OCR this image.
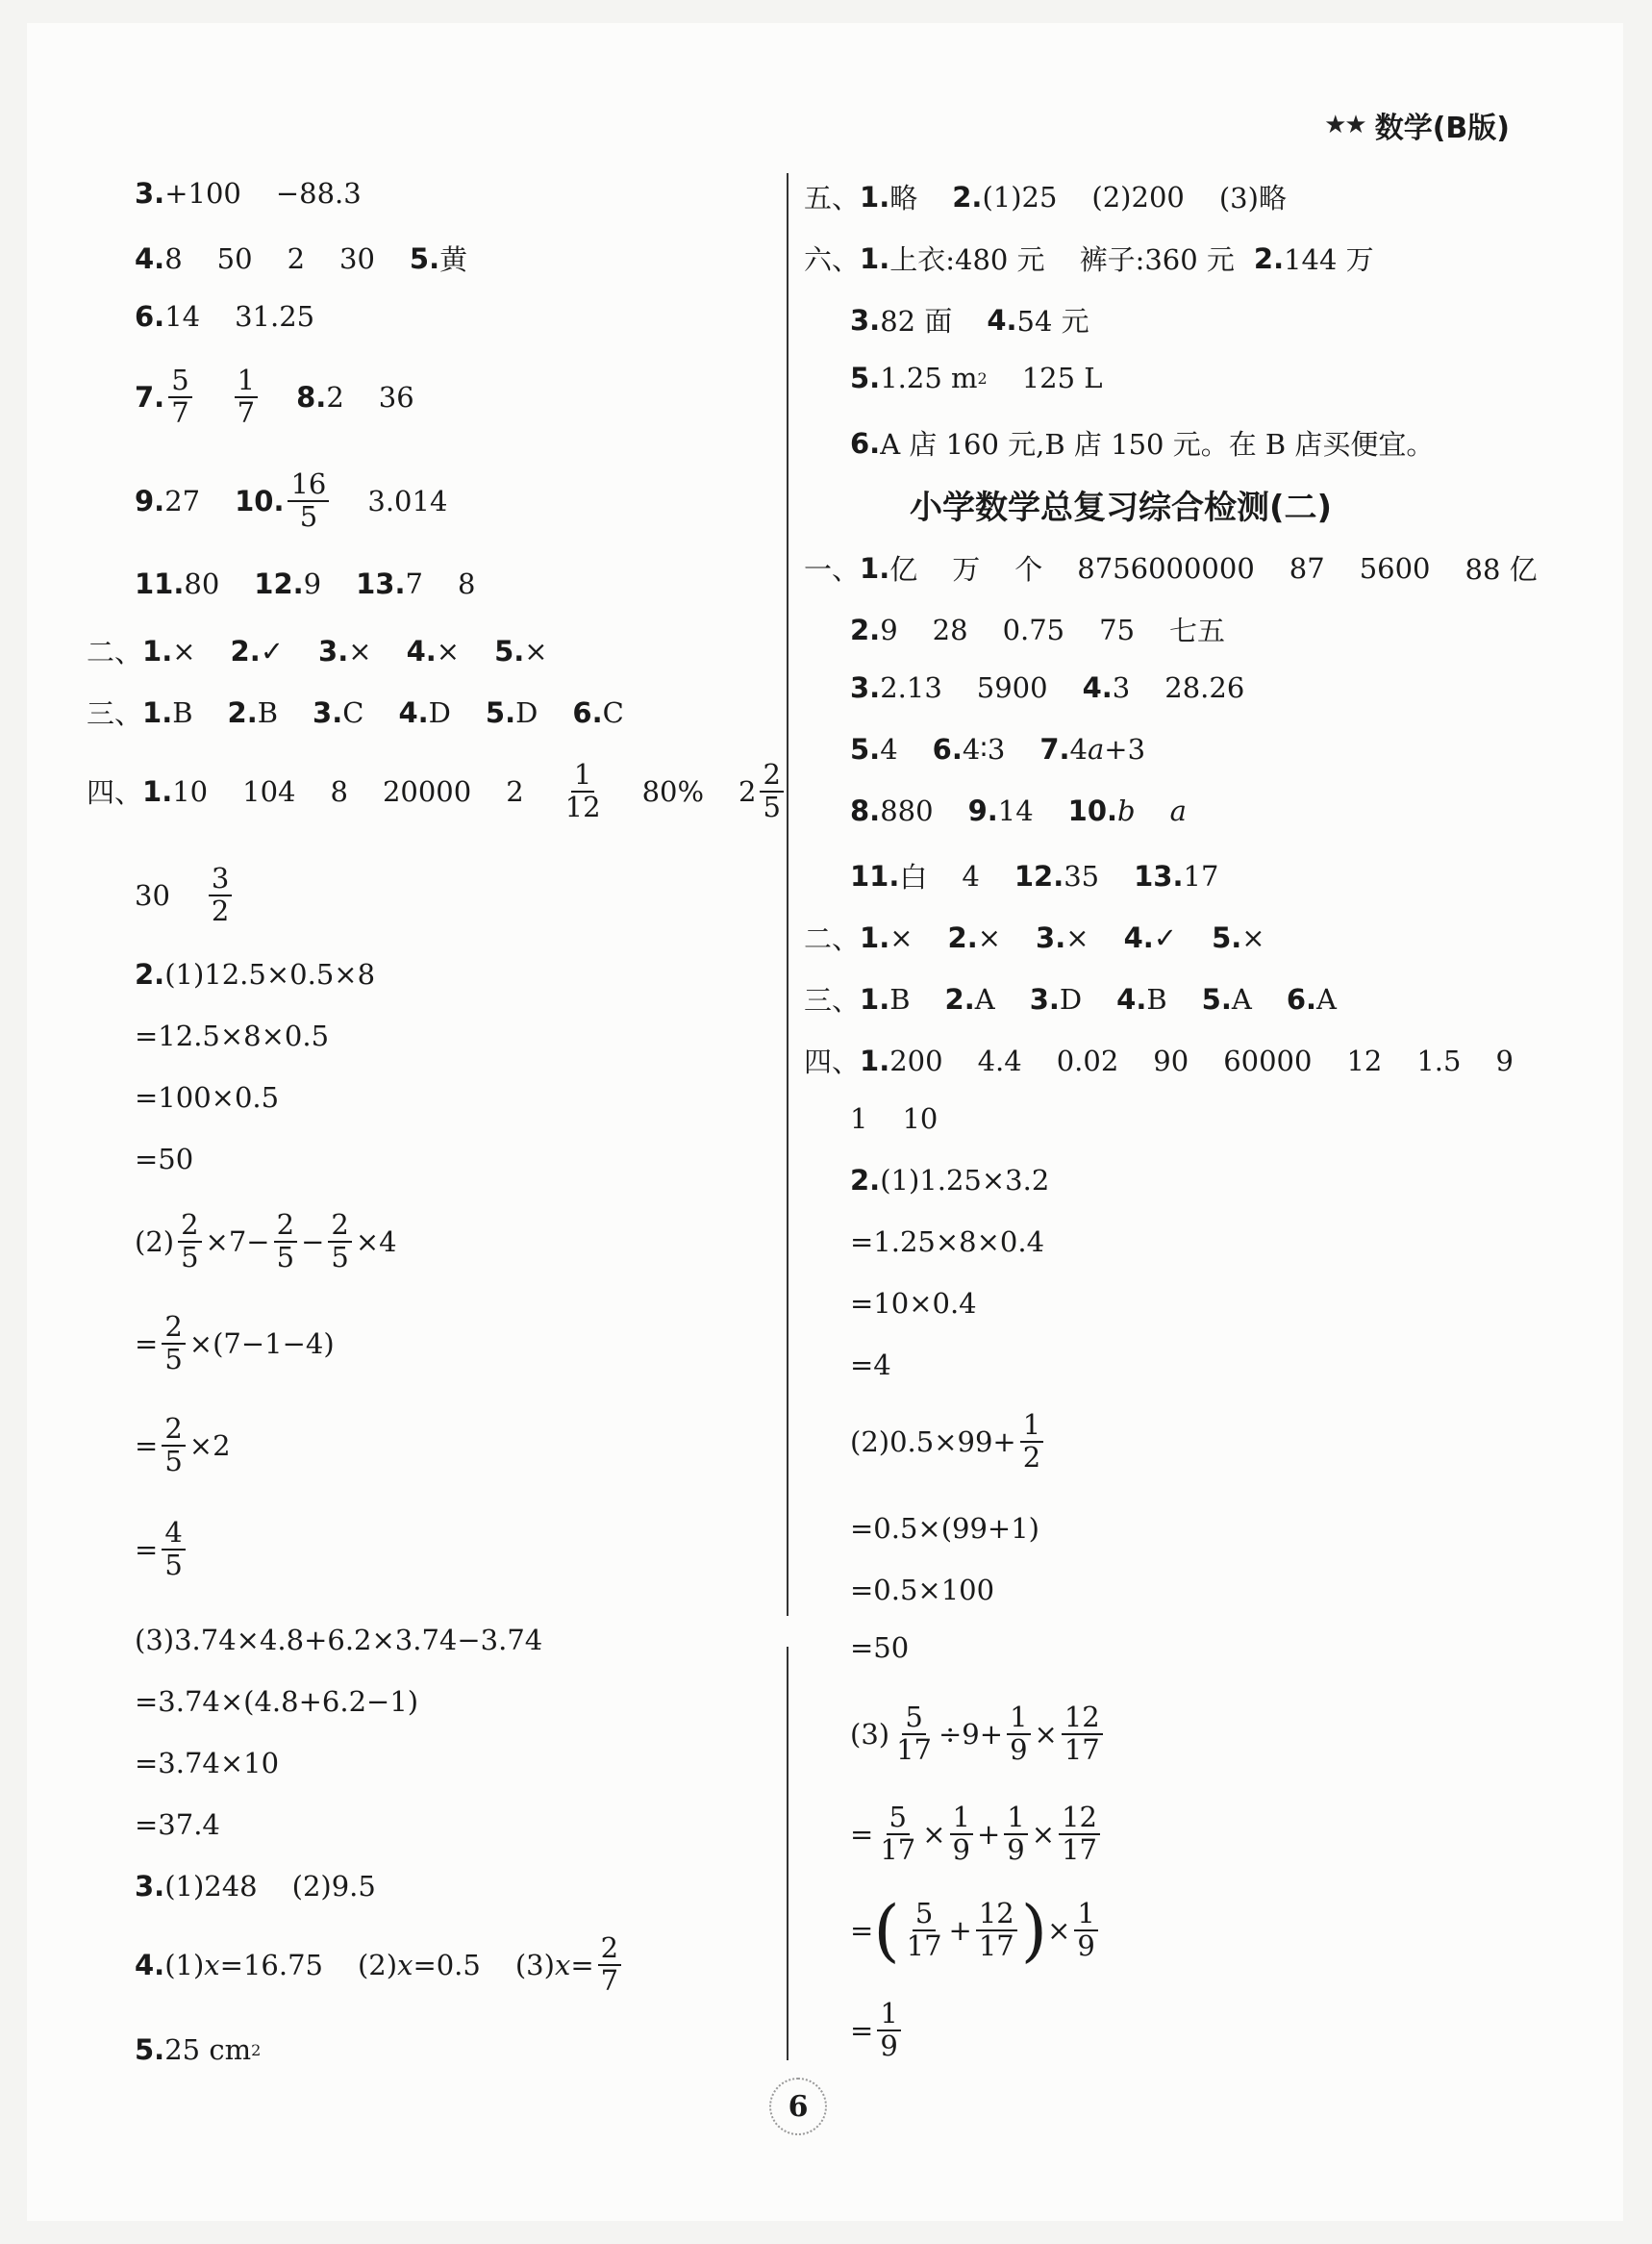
★★ 数学(B版)
3. +100 −88.3
4. 8 50 2 30 5. 黄
6. 14 31.25
7. $\frac{5}{7} \frac{1}{7} 8$. 2 36
9. 27 10. $\frac{16}{5} 3.014$
11. 80 12. 9 13. 7 8
二、 1. × 2. ✓ 3. × 4. × 5. ×
三、 1. B 2. B 3. C 4. D 5. D 6. C
四、 1. 10 104 8 20000 $2 \frac{1}{12} 80\%$ $2 \frac{2}{5}$
$30 \frac{3}{2}$
2. (1)12.5×0.5×8
=12.5×8×0.5
=100×0.5
=50
$(2) \frac{2}{5} \times 7- \frac{2}{5} - \frac{2}{5} \times 4$
= $\frac{2}{5} \times(7-1-4)$
= $\frac{2}{5} \times 2$
= $\frac{4}{5}$
(3)3.74×4.8+6.2×3.74−3.74
=3.74×(4.8+6.2−1)
=3.74×10
=37.4
3. (1)248 (2)9.5
4. (1) x =16.75 (2) x =0.5 (3) $x = \frac{2}{7}$
5. 25 cm 2
五、 1. 略 2. (1)25 (2)200 (3)略
六、 1. 上衣:480 元 裤子:360 元 2. 144 万
3. 82 面 4. 54 元
5. 1.25 m 2 125 L
6. A 店 160 元,B 店 150 元。在 B 店买便宜。
小学数学总复习综合检测(二)
一、 1. 亿 万 个 8756000000 87 5600 88 亿
2. 9 28 0.75 75 七五
3. 2.13 5900 4. 3 28.26
5. 4 6. 4∶3 7. 4 a +3
8. 880 9. 14 10. b a
11. 白 4 12. 35 13. 17
二、 1. × 2. × 3. × 4. ✓ 5. ×
三、 1. B 2. A 3. D 4. B 5. A 6. A
四、 1. 200 4.4 0.02 90 60000 12 1.5 9
1 10
2. (1)1.25×3.2
=1.25×8×0.4
=10×0.4
=4
$(2)0.5\times 99+ \frac{1}{2}$
=0.5×(99+1)
=0.5×100
=50
$(3) \frac{5}{17} \div 9+ \frac{1}{9} \times \frac{12}{17}$
= $\frac{5}{17} \times \frac{1}{9} + \frac{1}{9} \times \frac{12}{17}$
= ( $\frac{5}{17} + \frac{12}{17}$ ) × $\frac{1}{9}$
= $\frac{1}{9}$
6
